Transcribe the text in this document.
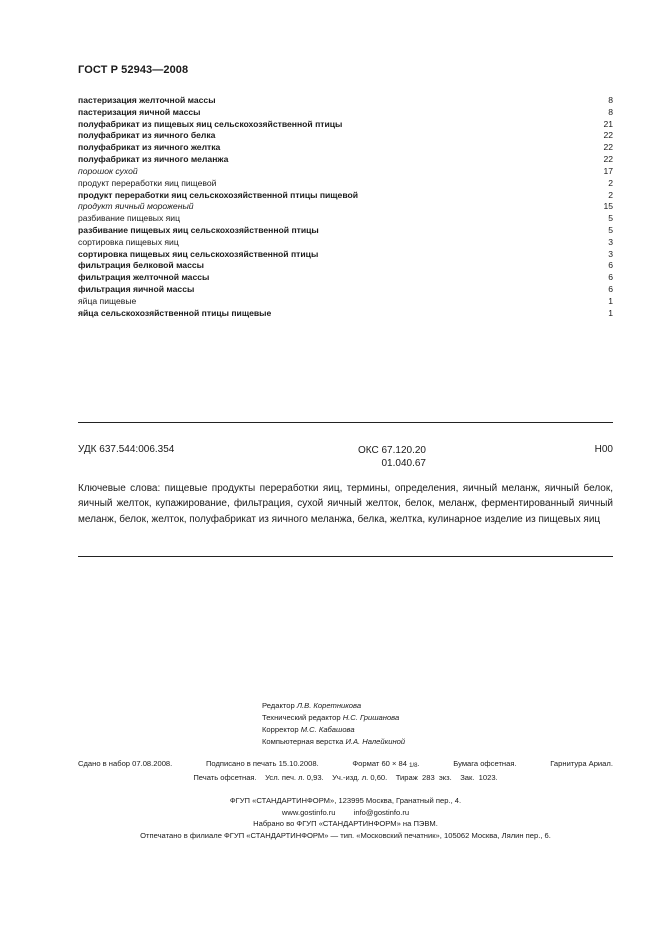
ГОСТ Р 52943—2008
пастеризация желточной массы	8
пастеризация яичной массы	8
полуфабрикат из пищевых яиц сельскохозяйственной птицы	21
полуфабрикат из яичного белка	22
полуфабрикат из яичного желтка	22
полуфабрикат из яичного меланжа	22
порошок сухой	17
продукт переработки яиц пищевой	2
продукт переработки яиц сельскохозяйственной птицы пищевой	2
продукт яичный мороженый	15
разбивание пищевых яиц	5
разбивание пищевых яиц сельскохозяйственной птицы	5
сортировка пищевых яиц	3
сортировка пищевых яиц сельскохозяйственной птицы	3
фильтрация белковой массы	6
фильтрация желточной массы	6
фильтрация яичной массы	6
яйца пищевые	1
яйца сельскохозяйственной птицы пищевые	1
УДК 637.544:006.354	ОКС 67.120.20
01.040.67
Н00
Ключевые слова: пищевые продукты переработки яиц, термины, определения, яичный меланж, яичный белок, яичный желток, купажирование, фильтрация, сухой яичный желток, белок, меланж, ферментированный яичный меланж, белок, желток, полуфабрикат из яичного меланжа, белка, желтка, кулинарное изделие из пищевых яиц
Редактор Л.В. Коретникова
Технический редактор Н.С. Гришанова
Корректор М.С. Кабашова
Компьютерная верстка И.А. Налейкиной
Сдано в набор 07.08.2008.	Подписано в печать 15.10.2008.	Формат 60 × 84 1/8.	Бумага офсетная.	Гарнитура Ариал.
Печать офсетная.    Усл. печ. л. 0,93.    Уч.-изд. л. 0,60.    Тираж  283  экз.    Зак.  1023.
ФГУП «СТАНДАРТИНФОРМ», 123995 Москва, Гранатный пер., 4.
www.gostinfo.ru info@gostinfo.ru
Набрано во ФГУП «СТАНДАРТИНФОРМ» на ПЭВМ.
Отпечатано в филиале ФГУП «СТАНДАРТИНФОРМ» — тип. «Московский печатник», 105062 Москва, Лялин пер., 6.
